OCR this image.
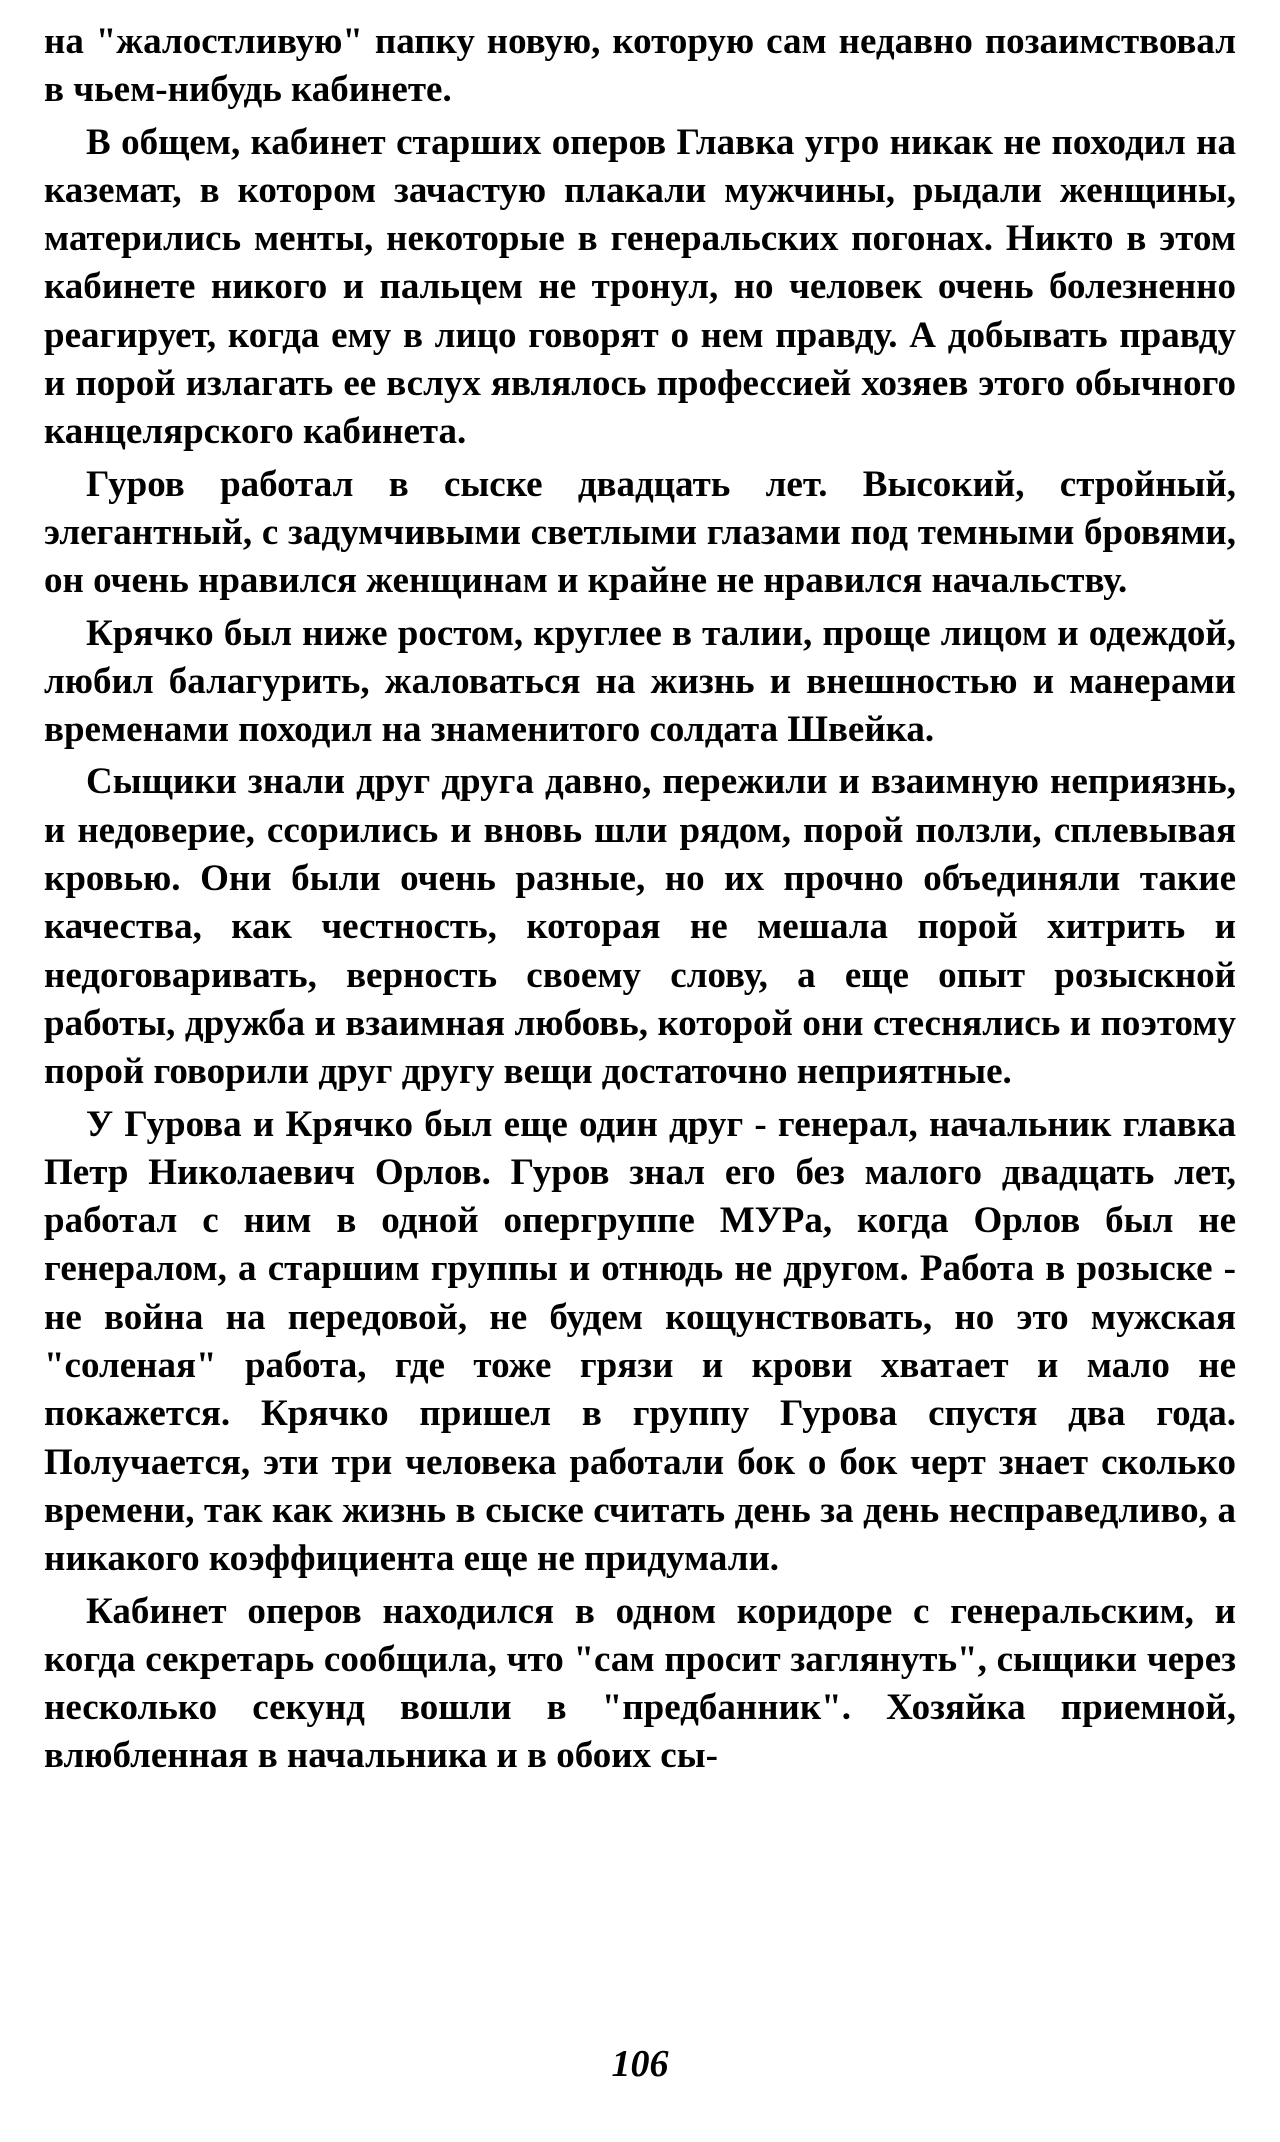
на "жалостливую" папку новую, которую сам недавно позаимствовал в чьем-нибудь кабинете.

В общем, кабинет старших оперов Главка угро никак не походил на каземат, в котором зачастую плакали мужчины, рыдали женщины, матерились менты, некоторые в генеральских погонах. Никто в этом кабинете никого и пальцем не тронул, но человек очень болезненно реагирует, когда ему в лицо говорят о нем правду. А добывать правду и порой излагать ее вслух являлось профессией хозяев этого обычного канцелярского кабинета.

Гуров работал в сыске двадцать лет. Высокий, стройный, элегантный, с задумчивыми светлыми глазами под темными бровями, он очень нравился женщинам и крайне не нравился начальству.

Крячко был ниже ростом, круглее в талии, проще лицом и одеждой, любил балагурить, жаловаться на жизнь и внешностью и манерами временами походил на знаменитого солдата Швейка.

Сыщики знали друг друга давно, пережили и взаимную неприязнь, и недоверие, ссорились и вновь шли рядом, порой ползли, сплевывая кровью. Они были очень разные, но их прочно объединяли такие качества, как честность, которая не мешала порой хитрить и недоговаривать, верность своему слову, а еще опыт розыскной работы, дружба и взаимная любовь, которой они стеснялись и поэтому порой говорили друг другу вещи достаточно неприятные.

У Гурова и Крячко был еще один друг - генерал, начальник главка Петр Николаевич Орлов. Гуров знал его без малого двадцать лет, работал с ним в одной опергруппе МУРа, когда Орлов был не генералом, а старшим группы и отнюдь не другом. Работа в розыске - не война на передовой, не будем кощунствовать, но это мужская "соленая" работа, где тоже грязи и крови хватает и мало не покажется. Крячко пришел в группу Гурова спустя два года. Получается, эти три человека работали бок о бок черт знает сколько времени, так как жизнь в сыске считать день за день несправедливо, а никакого коэффициента еще не придумали.

Кабинет оперов находился в одном коридоре с генеральским, и когда секретарь сообщила, что "сам просит заглянуть", сыщики через несколько секунд вошли в "предбанник". Хозяйка приемной, влюбленная в начальника и в обоих сы-

106
